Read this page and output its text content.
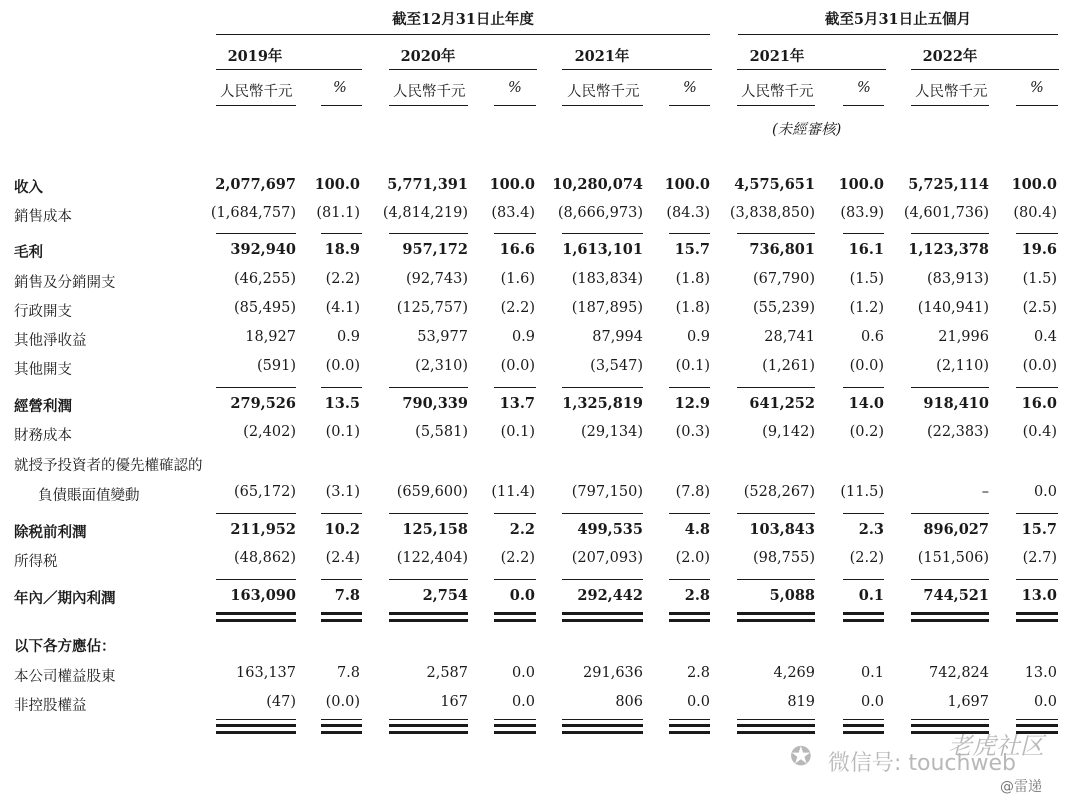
截至12月31日止年度	截至5月31日止五個月
2019年
人民幣千元	%
2020年
人民幣千元	%
2021年
人民幣千元	%
2021年
人民幣千元	%
2022年
人民幣千元	%
(未經審核)
收入	2,077,697	100.0	5,771,391	100.0	10,280,074	100.0	4,575,651	100.0	5,725,114	100.0
銷售成本	(1,684,757)	(81.1)	(4,814,219)	(83.4)	(8,666,973)	(84.3)	(3,838,850)	(83.9)	(4,601,736)	(80.4)
毛利	392,940	18.9	957,172	16.6	1,613,101	15.7	736,801	16.1	1,123,378	19.6
銷售及分銷開支	(46,255)	(2.2)	(92,743)	(1.6)	(183,834)	(1.8)	(67,790)	(1.5)	(83,913)	(1.5)
行政開支	(85,495)	(4.1)	(125,757)	(2.2)	(187,895)	(1.8)	(55,239)	(1.2)	(140,941)	(2.5)
其他淨收益	18,927	0.9	53,977	0.9	87,994	0.9	28,741	0.6	21,996	0.4
其他開支	(591)	(0.0)	(2,310)	(0.0)	(3,547)	(0.1)	(1,261)	(0.0)	(2,110)	(0.0)
經營利潤	279,526	13.5	790,339	13.7	1,325,819	12.9	641,252	14.0	918,410	16.0
財務成本	(2,402)	(0.1)	(5,581)	(0.1)	(29,134)	(0.3)	(9,142)	(0.2)	(22,383)	(0.4)
就授予投資者的優先權確認的
負債賬面值變動	(65,172)	(3.1)	(659,600)	(11.4)	(797,150)	(7.8)	(528,267)	(11.5)	–	0.0
除税前利潤	211,952	10.2	125,158	2.2	499,535	4.8	103,843	2.3	896,027	15.7
所得税	(48,862)	(2.4)	(122,404)	(2.2)	(207,093)	(2.0)	(98,755)	(2.2)	(151,506)	(2.7)
年內／期內利潤	163,090	7.8	2,754	0.0	292,442	2.8	5,088	0.1	744,521	13.0
以下各方應佔：
本公司權益股東	163,137	7.8	2,587	0.0	291,636	2.8	4,269	0.1	742,824	13.0
非控股權益	(47)	(0.0)	167	0.0	806	0.0	819	0.0	1,697	0.0
✪ 微信号: touchweb
老虎社区
@雷递
